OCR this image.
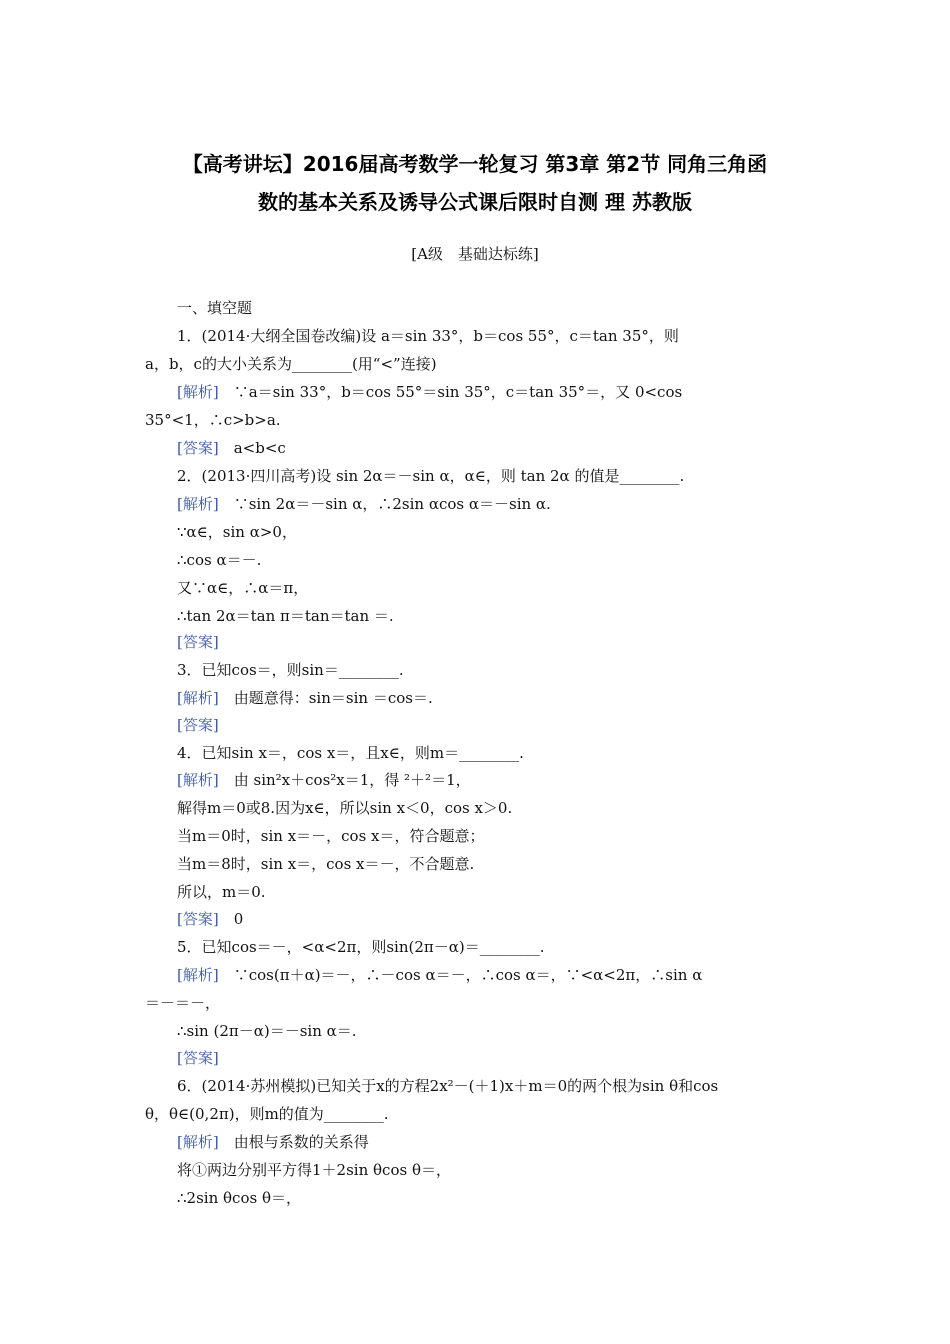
【高考讲坛】2016届高考数学一轮复习 第3章 第2节 同角三角函
数的基本关系及诱导公式课后限时自测 理 苏教版
[A级　基础达标练]
一、填空题
1．(2014·大纲全国卷改编)设 a＝sin 33°，b＝cos 55°，c＝tan 35°，则
a，b，c的大小关系为________(用“<”连接)
[解析]　 ∵a＝sin 33°，b＝cos 55°＝sin 35°，c＝tan 35°＝，又 0<cos
35°<1，∴c>b>a.
[答案]　 a<b<c
2．(2013·四川高考)设 sin 2α＝－sin α，α∈，则 tan 2α 的值是________.
[解析]　 ∵sin 2α＝－sin α，∴2sin αcos α＝－sin α.
∵α∈，sin α>0，
∴cos α＝－.
又∵α∈，∴α＝π，
∴tan 2α＝tan π＝tan＝tan ＝.
[答案]
3．已知cos＝，则sin＝________.
[解析]　 由题意得：sin＝sin ＝cos＝.
[答案]
4．已知sin x＝，cos x＝，且x∈，则m＝________.
[解析]　 由 sin²x＋cos²x＝1，得 ²＋²＝1，
解得m＝0或8.因为x∈，所以sin x＜0，cos x＞0.
当m＝0时，sin x＝－，cos x＝，符合题意；
当m＝8时，sin x＝，cos x＝－，不合题意.
所以，m＝0.
[答案]　 0
5．已知cos＝－，<α<2π，则sin(2π－α)＝________.
[解析]　 ∵cos(π＋α)＝－，∴－cos α＝－，∴cos α＝，∵<α<2π，∴sin α
＝－＝－，
∴sin (2π－α)＝－sin α＝.
[答案]
6．(2014·苏州模拟)已知关于x的方程2x²－(＋1)x＋m＝0的两个根为sin θ和cos
θ，θ∈(0,2π)，则m的值为________.
[解析]　 由根与系数的关系得
将①两边分别平方得1＋2sin θcos θ＝，
∴2sin θcos θ＝，
